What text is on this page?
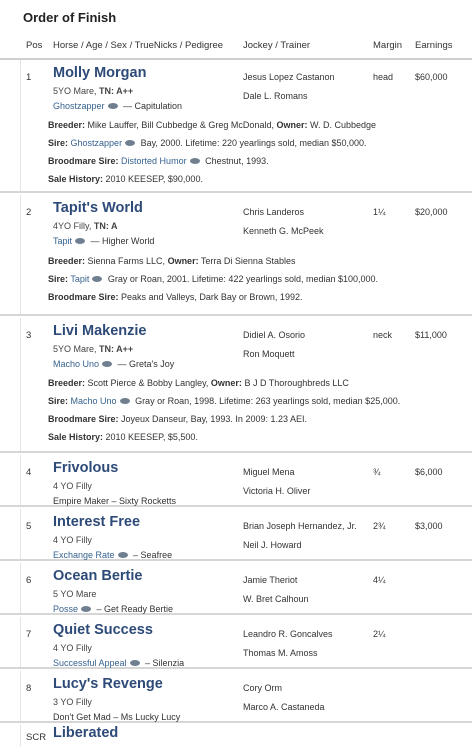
Order of Finish
Pos Horse / Age / Sex / TrueNicks / Pedigree Jockey / Trainer	Margin Earnings
1 Molly Morgan
5YO Mare, TN: A++
Ghostzapper — Capitulation
Jesus Lopez Castanon
Dale L. Romans
head $60,000
Breeder: Mike Lauffer, Bill Cubbedge & Greg McDonald, Owner: W. D. Cubbedge
Sire: Ghostzapper Bay, 2000. Lifetime: 220 yearlings sold, median $50,000.
Broodmare Sire: Distorted Humor Chestnut, 1993.
Sale History: 2010 KEESEP, $90,000.
2 Tapit's World
4YO Filly, TN: A
Tapit — Higher World
Chris Landeros
Kenneth G. McPeek
1¼	$20,000
Breeder: Sienna Farms LLC, Owner: Terra Di Sienna Stables
Sire: Tapit Gray or Roan, 2001. Lifetime: 422 yearlings sold, median $100,000.
Broodmare Sire: Peaks and Valleys, Dark Bay or Brown, 1992.
3 Livi Makenzie
5YO Mare, TN: A++
Macho Uno — Greta's Joy
Didiel A. Osorio
Ron Moquett
neck	$11,000
Breeder: Scott Pierce & Bobby Langley, Owner: B J D Thoroughbreds LLC
Sire: Macho Uno Gray or Roan, 1998. Lifetime: 263 yearlings sold, median $25,000.
Broodmare Sire: Joyeux Danseur, Bay, 1993. In 2009: 1.23 AEI.
Sale History: 2010 KEESEP, $5,500.
4 Frivolous
4 YO Filly
Empire Maker – Sixty Rocketts
Miguel Mena
Victoria H. Oliver
¾	$6,000
5 Interest Free
4 YO Filly
Exchange Rate – Seafree
Brian Joseph Hernandez, Jr.
Neil J. Howard
2¾	$3,000
6 Ocean Bertie
5 YO Mare
Posse – Get Ready Bertie
Jamie Theriot
W. Bret Calhoun
4¼
7 Quiet Success
4 YO Filly
Successful Appeal – Silenzia
Leandro R. Goncalves
Thomas M. Amoss
2¼
8 Lucy's Revenge
3 YO Filly
Don't Get Mad – Ms Lucky Lucy
Cory Orm
Marco A. Castaneda
SCR Liberated
